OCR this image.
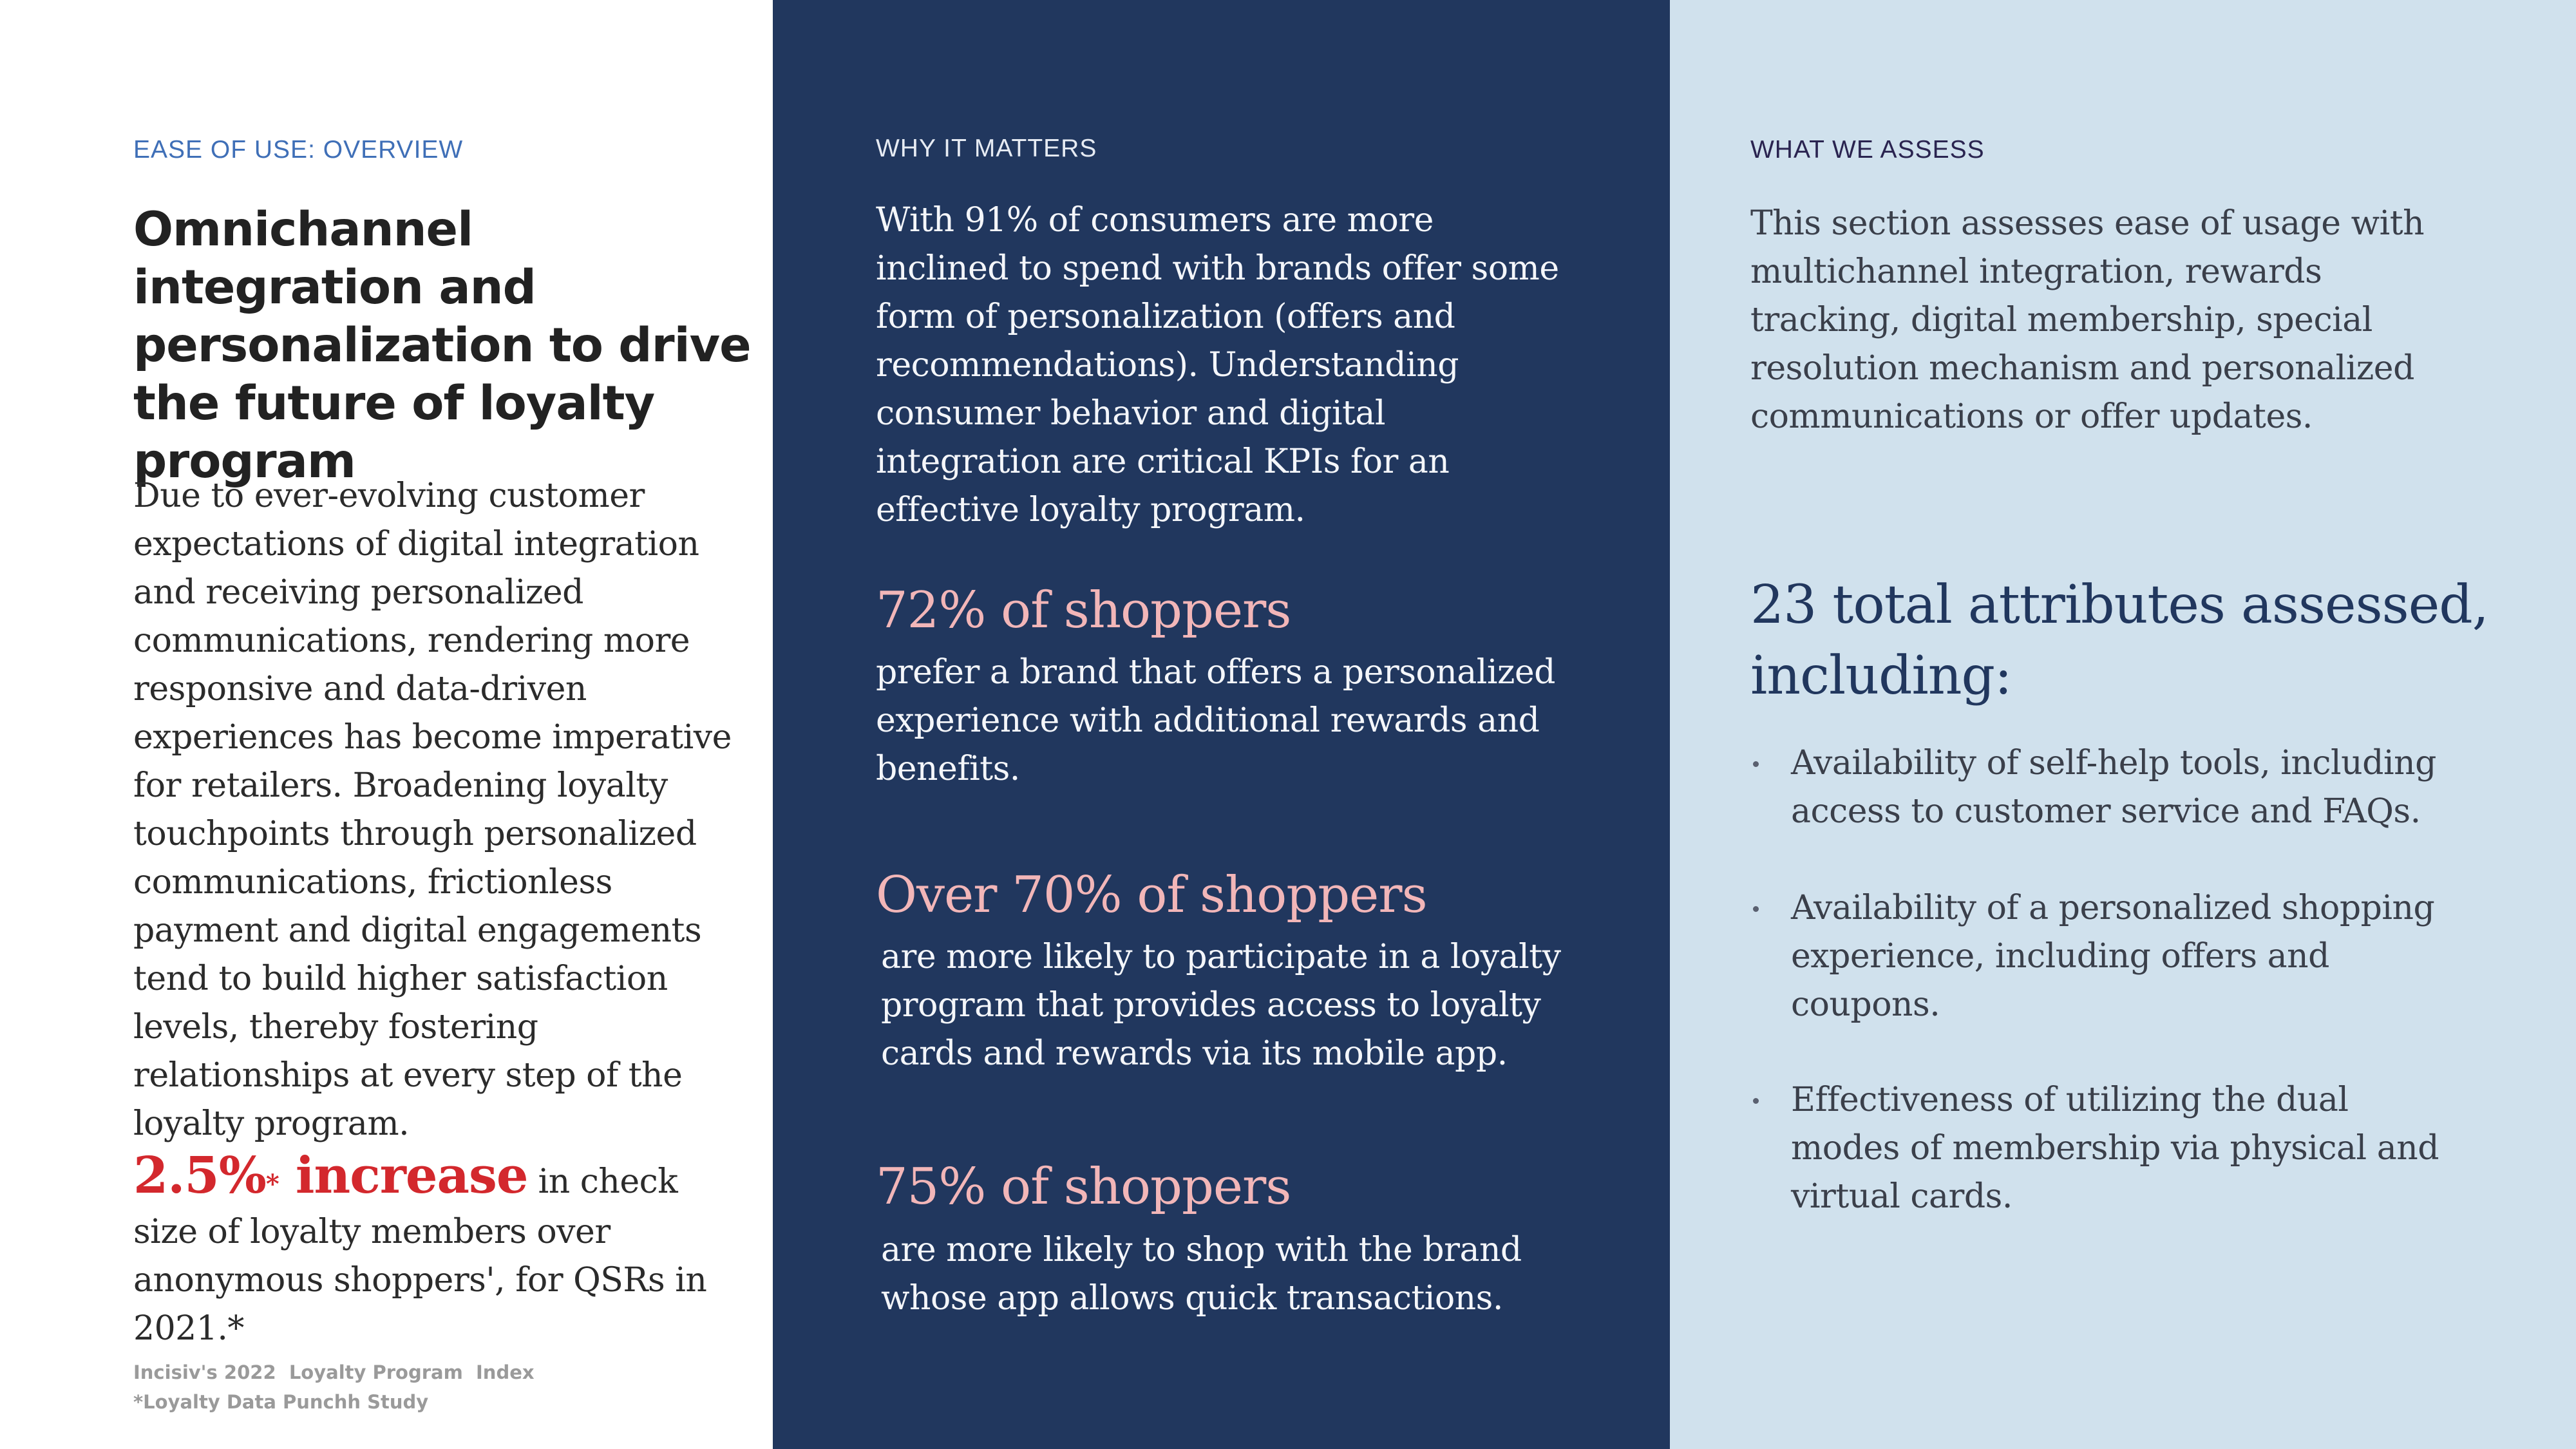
EASE OF USE: OVERVIEW
Omnichannel integration and personalization to drive the future of loyalty program
Due to ever-evolving customer expectations of digital integration and receiving personalized communications, rendering more responsive and data-driven experiences has become imperative for retailers. Broadening loyalty touchpoints through personalized communications, frictionless payment and digital engagements tend to build higher satisfaction levels, thereby fostering relationships at every step of the loyalty program.
2.5%* increase in check size of loyalty members over anonymous shoppers', for QSRs in 2021.*
Incisiv's 2022  Loyalty Program  Index
*Loyalty Data Punchh Study
WHY IT MATTERS
With 91% of consumers are more inclined to spend with brands offer some form of personalization (offers and recommendations). Understanding consumer behavior and digital integration are critical KPIs for an effective loyalty program.
72% of shoppers
prefer a brand that offers a personalized experience with additional rewards and benefits.
Over 70% of shoppers
are more likely to participate in a loyalty program that provides access to loyalty cards and rewards via its mobile app.
75% of shoppers
are more likely to shop with the brand whose app allows quick transactions.
WHAT WE ASSESS
This section assesses ease of usage with multichannel integration, rewards tracking, digital membership, special resolution mechanism and personalized communications or offer updates.
23 total attributes assessed, including:
Availability of self-help tools, including access to customer service and FAQs.
Availability of a personalized shopping experience, including offers and coupons.
Effectiveness of utilizing the dual modes of membership via physical and virtual cards.
